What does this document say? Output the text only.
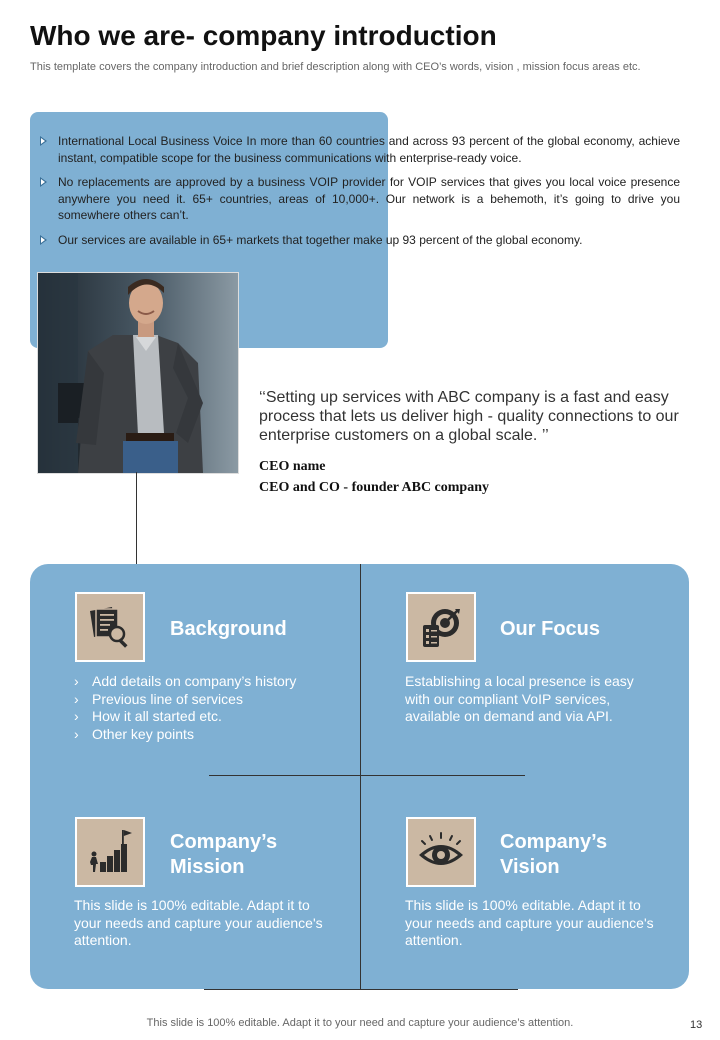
Who we are- company introduction
This template covers the company introduction and brief description along with CEO’s words, vision , mission focus areas etc.
International Local Business Voice In more than 60 countries and across 93 percent of the global economy, achieve instant, compatible scope for the business communications with enterprise-ready voice.
No replacements are approved by a business VOIP provider for VOIP services that gives you local voice presence anywhere you need it. 65+ countries, areas of 10,000+. Our network is a behemoth, it’s going to drive you somewhere others can’t.
Our services are available in 65+ markets that together make up 93 percent of the global economy.
‘‘Setting up services with ABC company is a fast and easy process that lets us deliver high - quality connections to our enterprise customers on a global scale. ’’
CEO name
CEO and CO - founder ABC company
Background
› Add details on company’s history
› Previous line of services
› How it all started etc.
› Other key points
Our Focus
Establishing a local presence is easy with our compliant VoIP services, available on demand and via API.
Company’s
Mission
This slide is 100% editable. Adapt it to your needs and capture your audience's attention.
Company’s
Vision
This slide is 100% editable. Adapt it to your needs and capture your audience's attention.
This slide is 100% editable. Adapt it to your need and capture your audience’s attention.	13
